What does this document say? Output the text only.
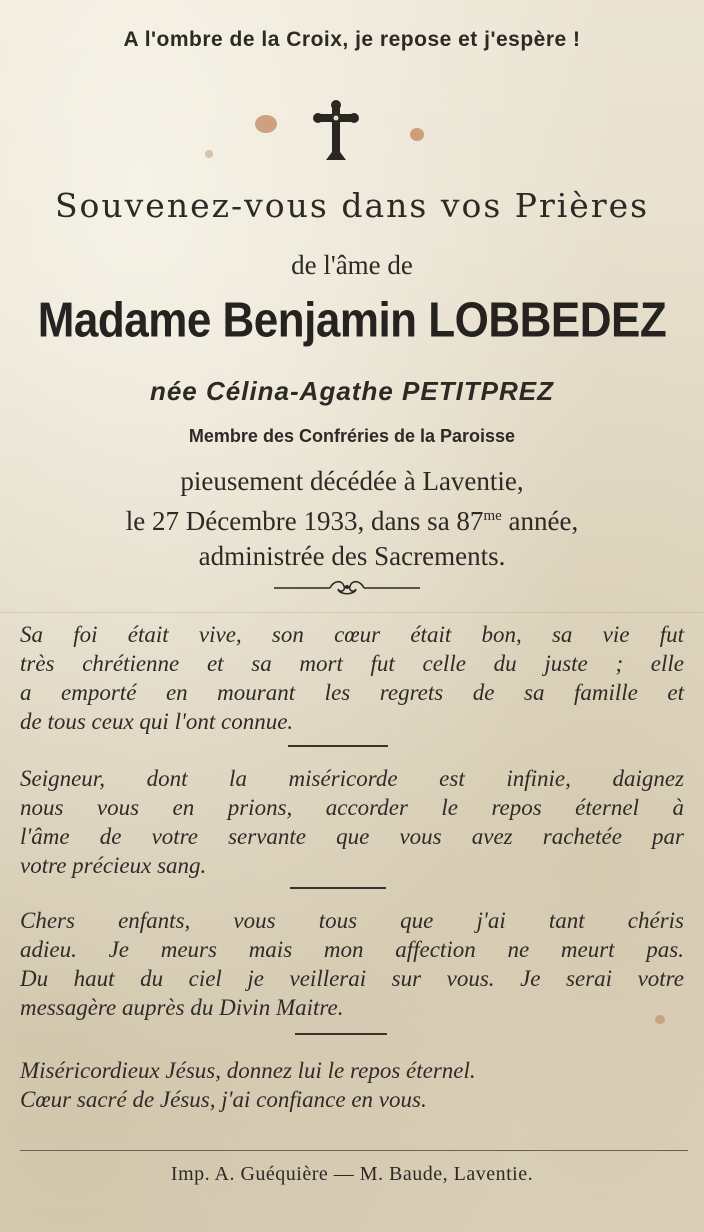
A l'ombre de la Croix, je repose et j'espère !
Souvenez-vous dans vos Prières
de l'âme de
Madame Benjamin LOBBEDEZ
née Célina-Agathe PETITPREZ
Membre des Confréries de la Paroisse
pieusement décédée à Laventie,
le 27 Décembre 1933, dans sa $87^{me}$ année,
administrée des Sacrements.
Sa foi était vive, son cœur était bon, sa vie fut
très chrétienne et sa mort fut celle du juste ; elle
a emporté en mourant les regrets de sa famille et
de tous ceux qui l'ont connue.
Seigneur, dont la miséricorde est infinie, daignez
nous vous en prions, accorder le repos éternel à
l'âme de votre servante que vous avez rachetée par
votre précieux sang.
Chers enfants, vous tous que j'ai tant chéris
adieu. Je meurs mais mon affection ne meurt pas.
Du haut du ciel je veillerai sur vous. Je serai votre
messagère auprès du Divin Maitre.
Miséricordieux Jésus, donnez lui le repos éternel.
Cœur sacré de Jésus, j'ai confiance en vous.
Imp. A. Guéquière — M. Baude, Laventie.
